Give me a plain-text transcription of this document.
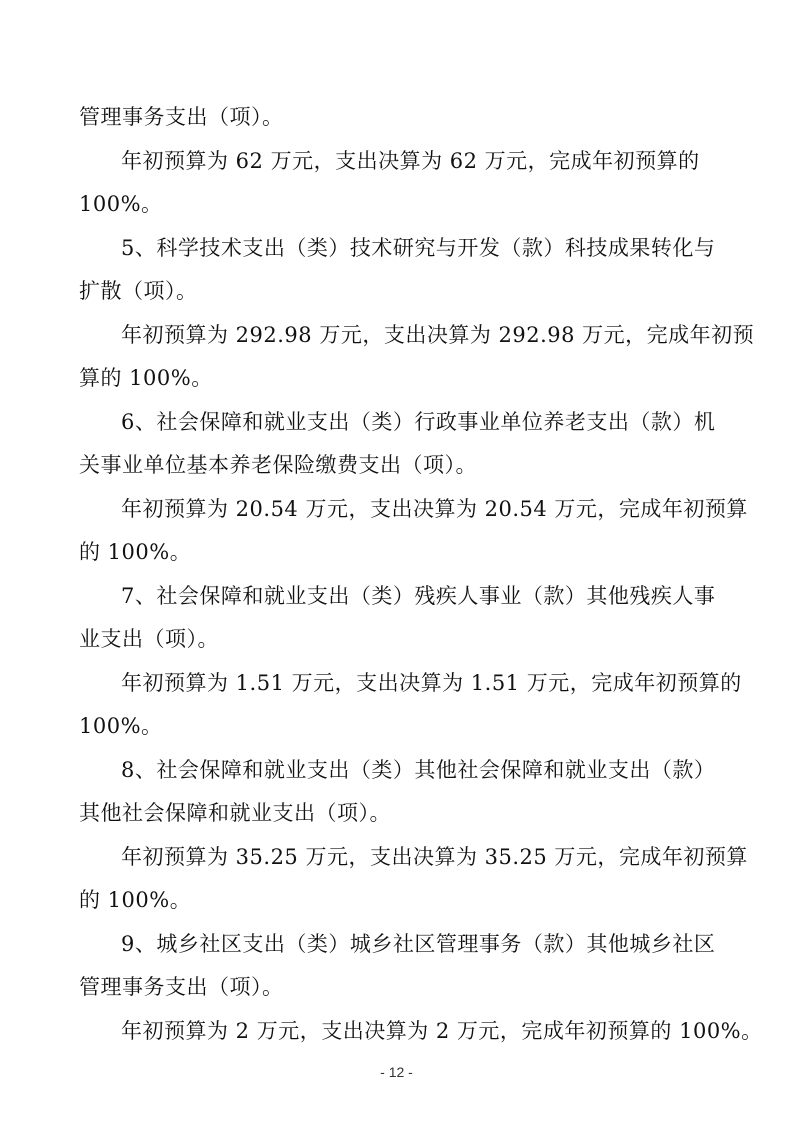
管理事务支出（项）。
年初预算为 62 万元，支出决算为 62 万元，完成年初预算的
100%。
5、科学技术支出（类）技术研究与开发（款）科技成果转化与
扩散（项）。
年初预算为 292.98 万元，支出决算为 292.98 万元，完成年初预
算的 100%。
6、社会保障和就业支出（类）行政事业单位养老支出（款）机
关事业单位基本养老保险缴费支出（项）。
年初预算为 20.54 万元，支出决算为 20.54 万元，完成年初预算
的 100%。
7、社会保障和就业支出（类）残疾人事业（款）其他残疾人事
业支出（项）。
年初预算为 1.51 万元，支出决算为 1.51 万元，完成年初预算的
100%。
8、社会保障和就业支出（类）其他社会保障和就业支出（款）
其他社会保障和就业支出（项）。
年初预算为 35.25 万元，支出决算为 35.25 万元，完成年初预算
的 100%。
9、城乡社区支出（类）城乡社区管理事务（款）其他城乡社区
管理事务支出（项）。
年初预算为 2 万元，支出决算为 2 万元，完成年初预算的 100%。
- 12 -
